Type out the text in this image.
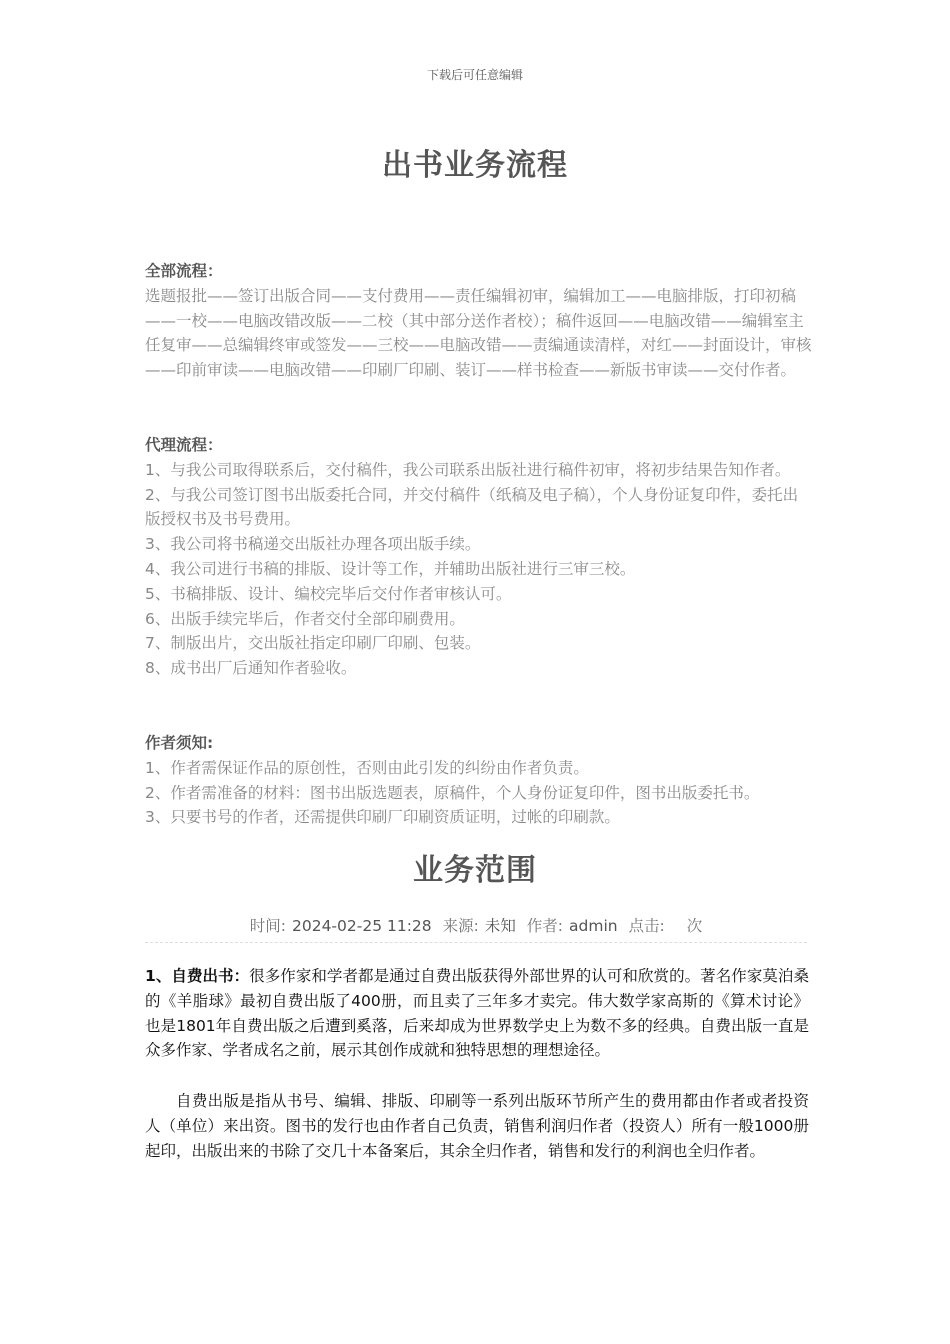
下载后可任意编辑
出书业务流程
全部流程：
选题报批——签订出版合同——支付费用——责任编辑初审，编辑加工——电脑排版，打印初稿——一校——电脑改错改版——二校（其中部分送作者校）；稿件返回——电脑改错——编辑室主任复审——总编辑终审或签发——三校——电脑改错——责编通读清样，对红——封面设计，审核——印前审读——电脑改错——印刷厂印刷、装订——样书检查——新版书审读——交付作者。
代理流程：
1、与我公司取得联系后，交付稿件，我公司联系出版社进行稿件初审，将初步结果告知作者。
2、与我公司签订图书出版委托合同，并交付稿件（纸稿及电子稿），个人身份证复印件，委托出版授权书及书号费用。
3、我公司将书稿递交出版社办理各项出版手续。
4、我公司进行书稿的排版、设计等工作，并辅助出版社进行三审三校。
5、书稿排版、设计、编校完毕后交付作者审核认可。
6、出版手续完毕后，作者交付全部印刷费用。
7、制版出片，交出版社指定印刷厂印刷、包装。
8、成书出厂后通知作者验收。
作者须知:
1、作者需保证作品的原创性，否则由此引发的纠纷由作者负责。
2、作者需准备的材料：图书出版选题表，原稿件，个人身份证复印件，图书出版委托书。
3、只要书号的作者，还需提供印刷厂印刷资质证明，过帐的印刷款。
业务范围
时间: 2024-02-25 11:28 来源: 未知 作者: admin 点击: 次
1、自费出书：很多作家和学者都是通过自费出版获得外部世界的认可和欣赏的。著名作家莫泊桑的《羊脂球》最初自费出版了400册，而且卖了三年多才卖完。伟大数学家高斯的《算术讨论》也是1801年自费出版之后遭到奚落，后来却成为世界数学史上为数不多的经典。自费出版一直是众多作家、学者成名之前，展示其创作成就和独特思想的理想途径。
自费出版是指从书号、编辑、排版、印刷等一系列出版环节所产生的费用都由作者或者投资人（单位）来出资。图书的发行也由作者自己负责，销售利润归作者（投资人）所有一般1000册起印，出版出来的书除了交几十本备案后，其余全归作者，销售和发行的利润也全归作者。
